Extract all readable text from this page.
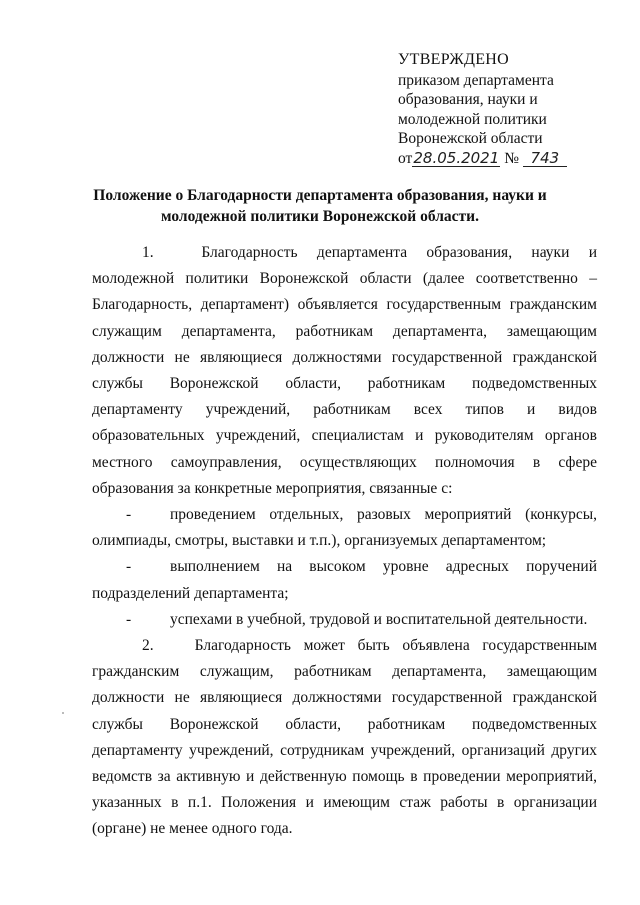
УТВЕРЖДЕНО
приказом департамента
образования, науки и
молодежной политики
Воронежской области
от28.05.2021 № 743
Положение о Благодарности департамента образования, науки и
молодежной политики Воронежской области.

1.	Благодарность департамента образования, науки и молодежной политики Воронежской области (далее соответственно – Благодарность, департамент) объявляется государственным гражданским служащим департамента, работникам департамента, замещающим должности не являющиеся должностями государственной гражданской службы Воронежской области, работникам подведомственных департаменту учреждений, работникам всех типов и видов образовательных учреждений, специалистам и руководителям органов местного самоуправления, осуществляющих полномочия в сфере образования за конкретные мероприятия, связанные с:

-	проведением отдельных, разовых мероприятий (конкурсы, олимпиады, смотры, выставки и т.п.), организуемых департаментом;

-	выполнением на высоком уровне адресных поручений подразделений департамента;

-	успехами в учебной, трудовой и воспитательной деятельности.

2.	Благодарность может быть объявлена государственным гражданским служащим, работникам департамента, замещающим должности не являющиеся должностями государственной гражданской службы Воронежской области, работникам подведомственных департаменту учреждений, сотрудникам учреждений, организаций других ведомств за активную и действенную помощь в проведении мероприятий, указанных в п.1. Положения и имеющим стаж работы в организации (органе) не менее одного года.
